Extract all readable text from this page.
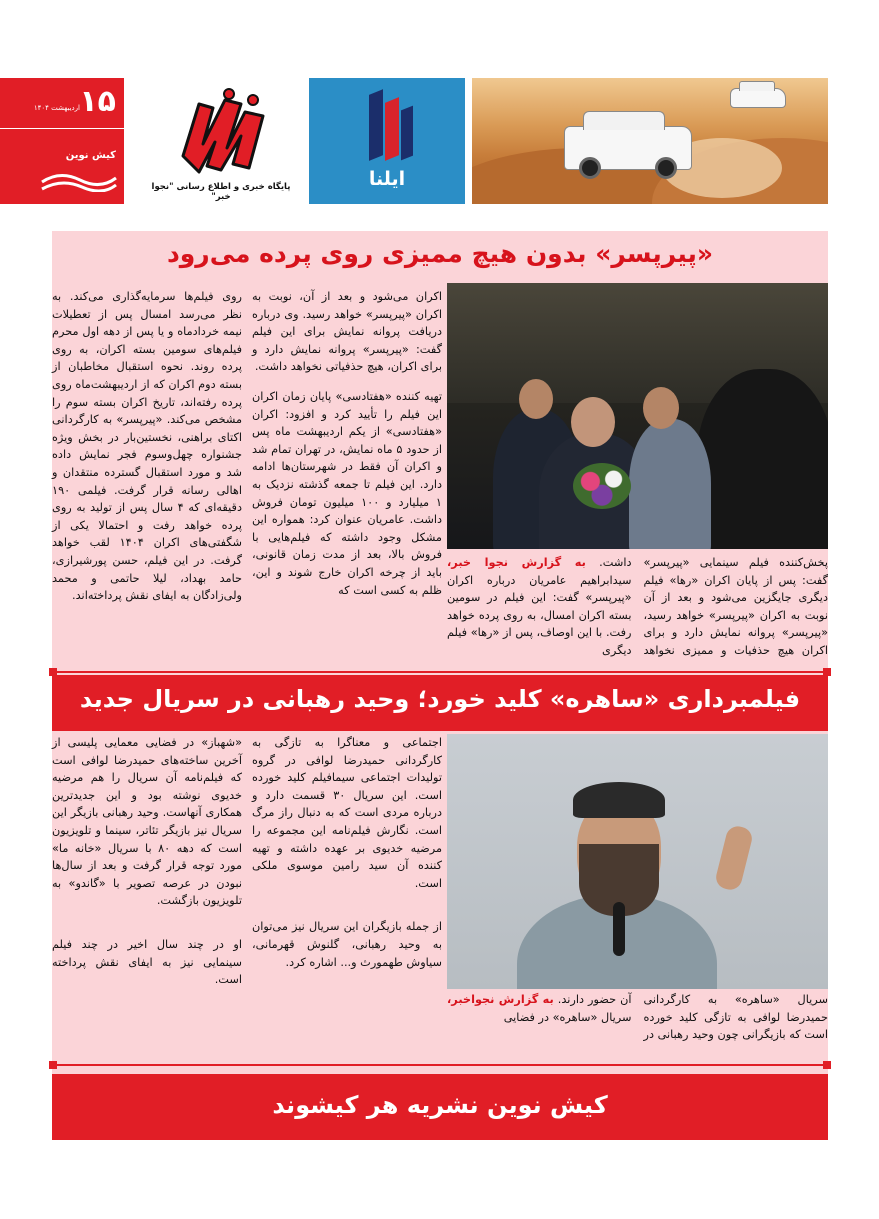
ایلنا
پایگاه خبری و اطلاع رسانی "نجوا خبر"
۱۵
اردیبهشت ۱۴۰۴
کیش نوین
«پیرپسر» بدون هیچ ممیزی روی پرده می‌رود
روی فیلم‌ها سرمایه‌گذاری می‌کند. به نظر می‌رسد امسال پس از تعطیلات نیمه خردادماه و یا پس از دهه اول محرم فیلم‌های سومین بسته اکران، به روی پرده روند. نحوه استقبال مخاطبان از بسته دوم اکران که از اردیبهشت‌ماه روی پرده رفته‌اند، تاریخ اکران بسته سوم را مشخص می‌کند. «پیرپسر» به کارگردانی اکتای براهنی، نخستین‌بار در بخش ویژه جشنواره چهل‌وسوم فجر نمایش داده شد و مورد استقبال گسترده منتقدان و اهالی رسانه قرار گرفت. فیلمی ۱۹۰ دقیقه‌ای که ۴ سال پس از تولید به روی پرده خواهد رفت و احتمالا یکی از شگفتی‌های اکران ۱۴۰۴ لقب خواهد گرفت. در این فیلم، حسن پورشیرازی، حامد بهداد، لیلا حاتمی و محمد ولی‌زادگان به ایفای نقش پرداخته‌اند.

اکران می‌شود و بعد از آن، نوبت به اکران «پیرپسر» خواهد رسید. وی درباره دریافت پروانه نمایش برای این فیلم گفت: «پیرپسر» پروانه نمایش دارد و برای اکران، هیچ حذفیاتی نخواهد داشت.

تهیه کننده «هفتادسی» پایان زمان اکران این فیلم را تأیید کرد و افزود: اکران «هفتادسی» از یکم اردیبهشت ماه پس از حدود ۵ ماه نمایش، در تهران تمام شد و اکران آن فقط در شهرستان‌ها ادامه دارد. این فیلم تا جمعه گذشته نزدیک به ۱ میلیارد و ۱۰۰ میلیون تومان فروش داشت. عامریان عنوان کرد: همواره این مشکل وجود داشته که فیلم‌هایی با فروش بالا، بعد از مدت زمان قانونی، باید از چرخه اکران خارج شوند و این، ظلم به کسی است که

پخش‌کننده فیلم سینمایی «پیرپسر» گفت: پس از پایان اکران «رها» فیلم دیگری جایگزین می‌شود و بعد از آن نوبت به اکران «پیرپسر» خواهد رسید، «پیرپسر» پروانه نمایش دارد و برای اکران هیچ حذفیات و ممیزی نخواهد داشت. به گزارش نجوا خبر، سیدابراهیم عامریان درباره اکران «پیرپسر» گفت: این فیلم در سومین بسته اکران امسال، به روی پرده خواهد رفت. با این اوصاف، پس از «رها» فیلم دیگری
فیلمبرداری «ساهره» کلید خورد؛ وحید رهبانی در سریال جدید

«شهباز» در فضایی معمایی پلیسی از آخرین ساخته‌های حمیدرضا لوافی است که فیلم‌نامه آن سریال را هم مرضیه خدیوی نوشته بود و این جدیدترین همکاری آنهاست. وحید رهبانی بازیگر این سریال نیز بازیگر تئاتر، سینما و تلویزیون است که دهه ۸۰ با سریال «خانه ما» مورد توجه قرار گرفت و بعد از سال‌ها نبودن در عرصه تصویر با «گاندو» به تلویزیون بازگشت.

او در چند سال اخیر در چند فیلم سینمایی نیز به ایفای نقش پرداخته است.

اجتماعی و معناگرا به تازگی به کارگردانی حمیدرضا لوافی در گروه تولیدات اجتماعی سیمافیلم کلید خورده است. این سریال ۳۰ قسمت دارد و درباره مردی است که به دنبال راز مرگ است. نگارش فیلم‌نامه این مجموعه را مرضیه خدیوی بر عهده داشته و تهیه کننده آن سید رامین موسوی ملکی است.

از جمله بازیگران این سریال نیز می‌توان به وحید رهبانی، گلنوش قهرمانی، سیاوش طهمورث و... اشاره کرد.

سریال «ساهره» به کارگردانی حمیدرضا لوافی به تازگی کلید خورده است که بازیگرانی چون وحید رهبانی در آن حضور دارند. به گزارش نجواخبر، سریال «ساهره» در فضایی
کیش نوین نشریه هر کیشوند
